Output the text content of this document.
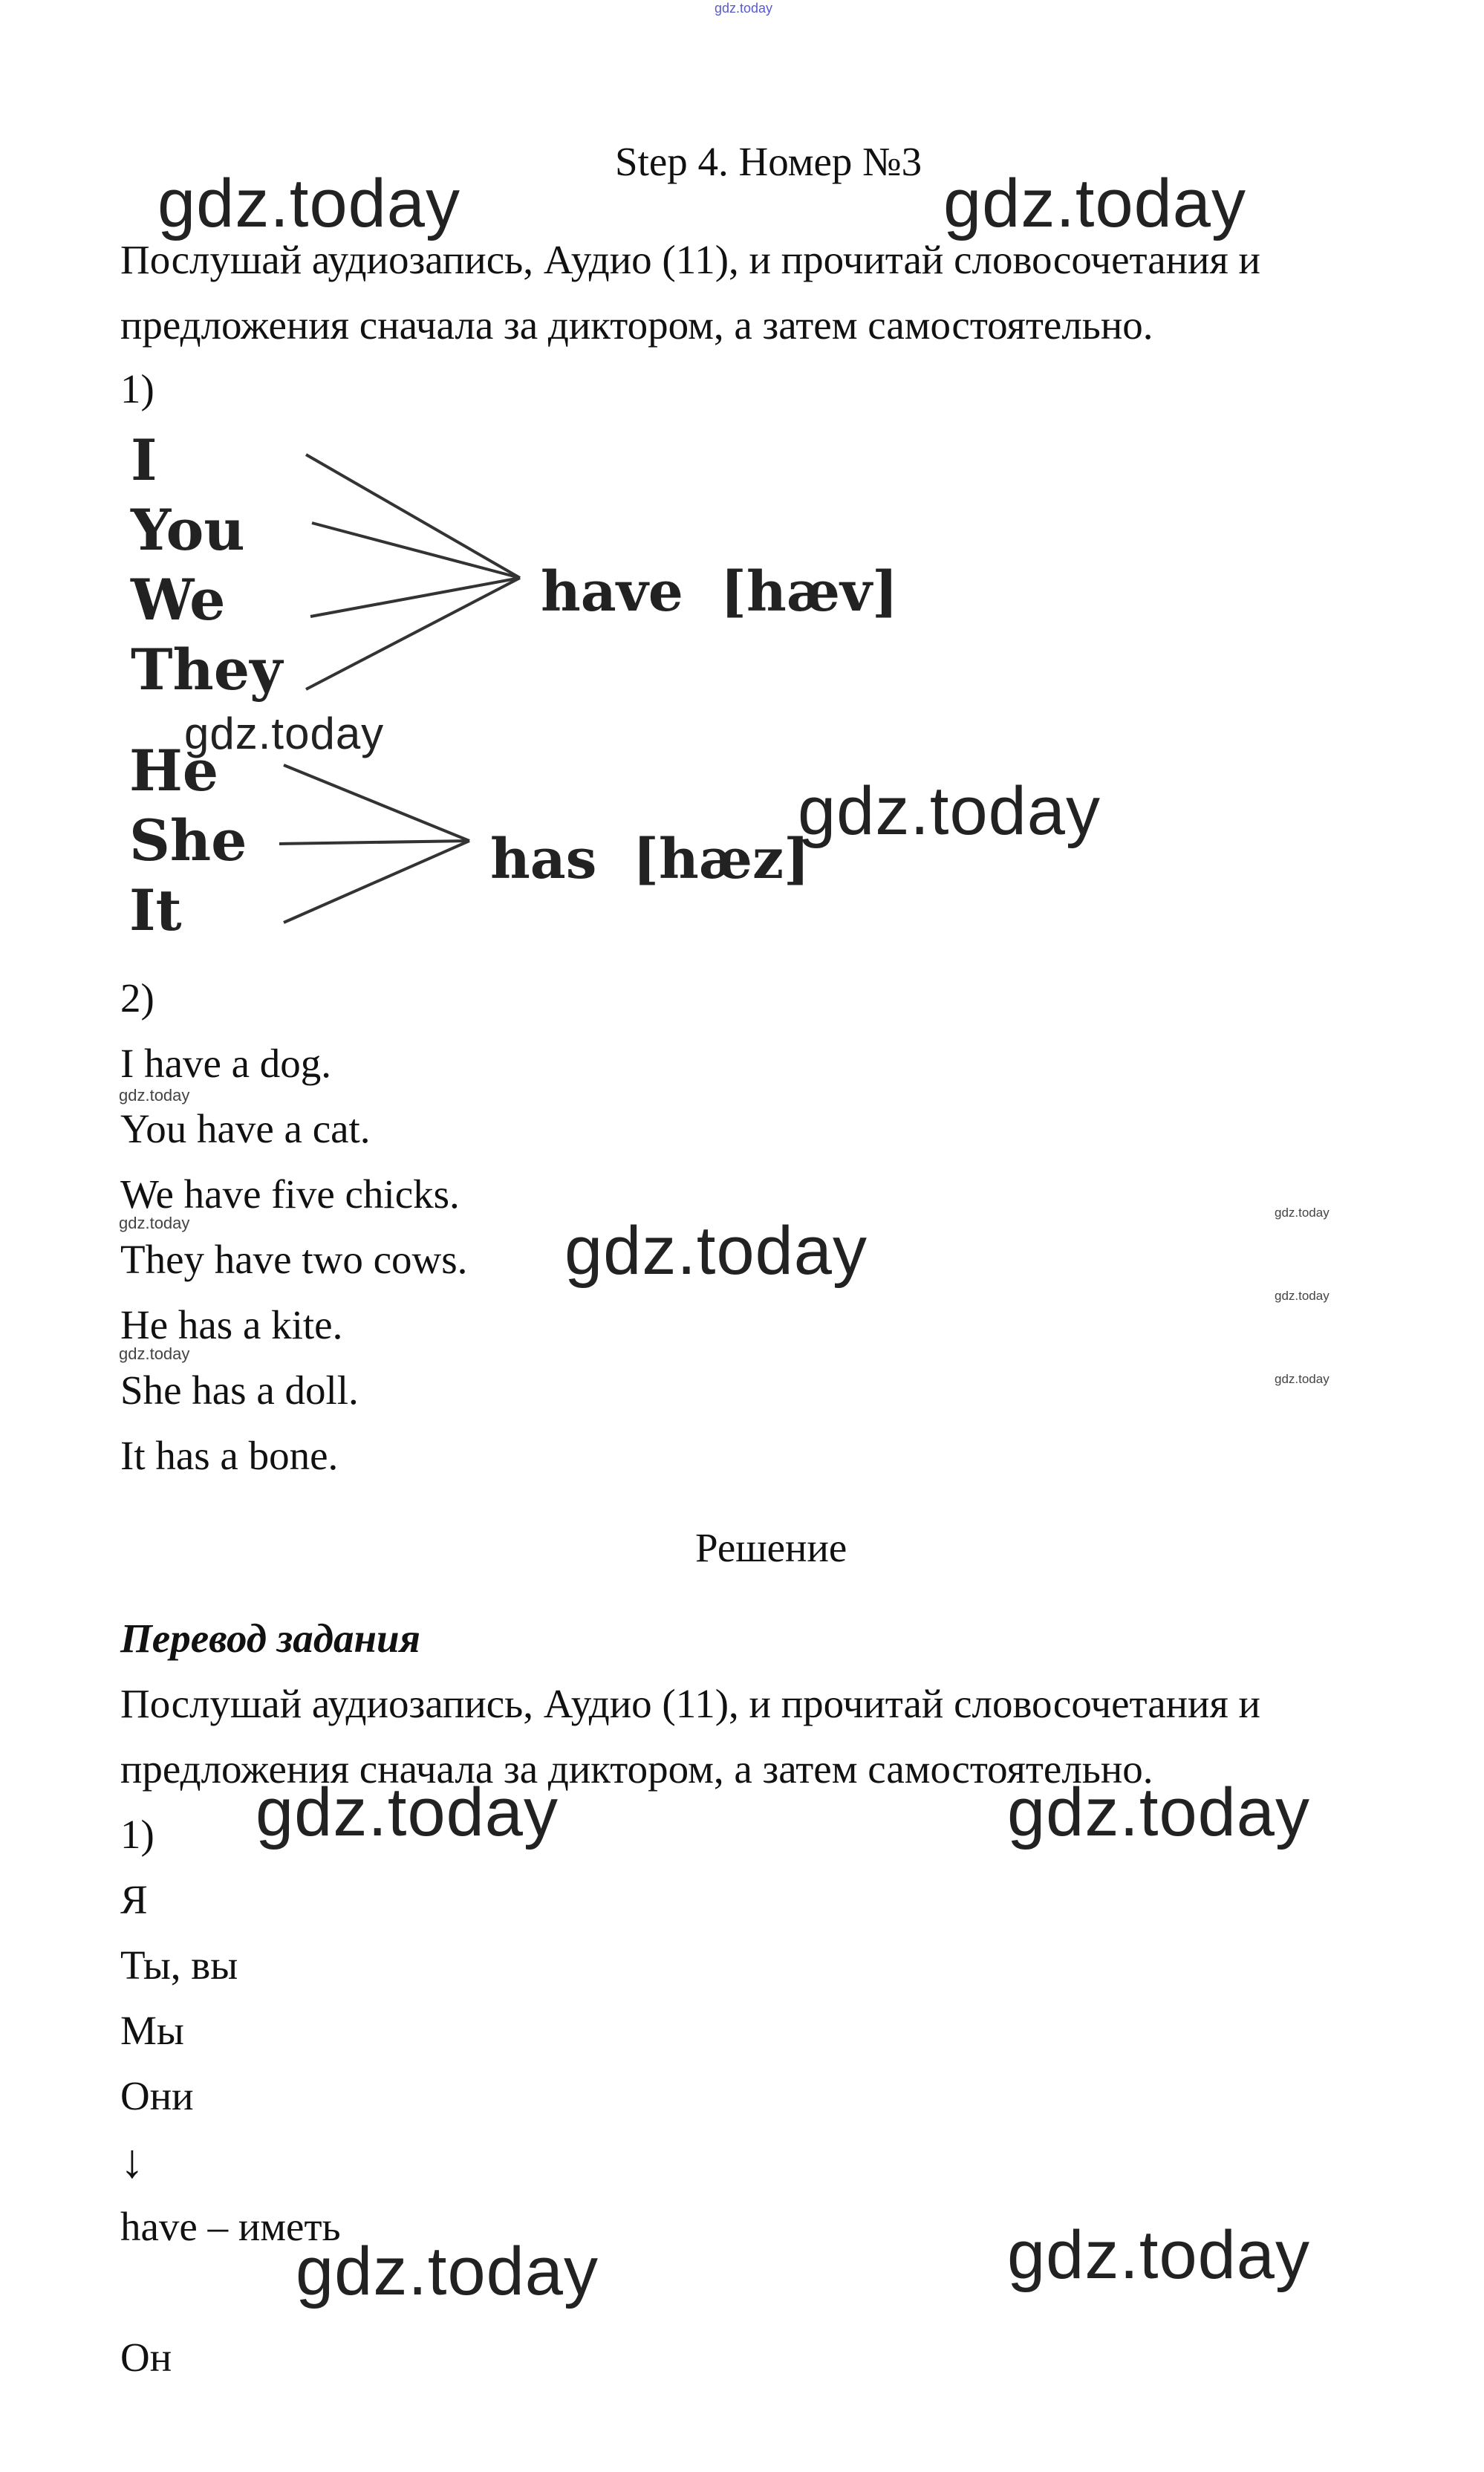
gdz.today
Step 4. Номер №3
Послушай аудиозапись, Аудио (11), и прочитай словосочетания и
предложения сначала за диктором, а затем самостоятельно.
1)
I
You
We
They
have [hæv]
He
She
It
has [hæz]
2)
I have a dog.
You have a cat.
We have five chicks.
They have two cows.
He has a kite.
She has a doll.
It has a bone.
Решение
Перевод задания
Послушай аудиозапись, Аудио (11), и прочитай словосочетания и
предложения сначала за диктором, а затем самостоятельно.
1)
Я
Ты, вы
Мы
Они
↓
have – иметь
Он
gdz.today	gdz.today
gdz.today
gdz.today
gdz.today	gdz.today
gdz.today	gdz.today
gdz.today
gdz.today
gdz.today
gdz.today
gdz.today
gdz.today
gdz.today
